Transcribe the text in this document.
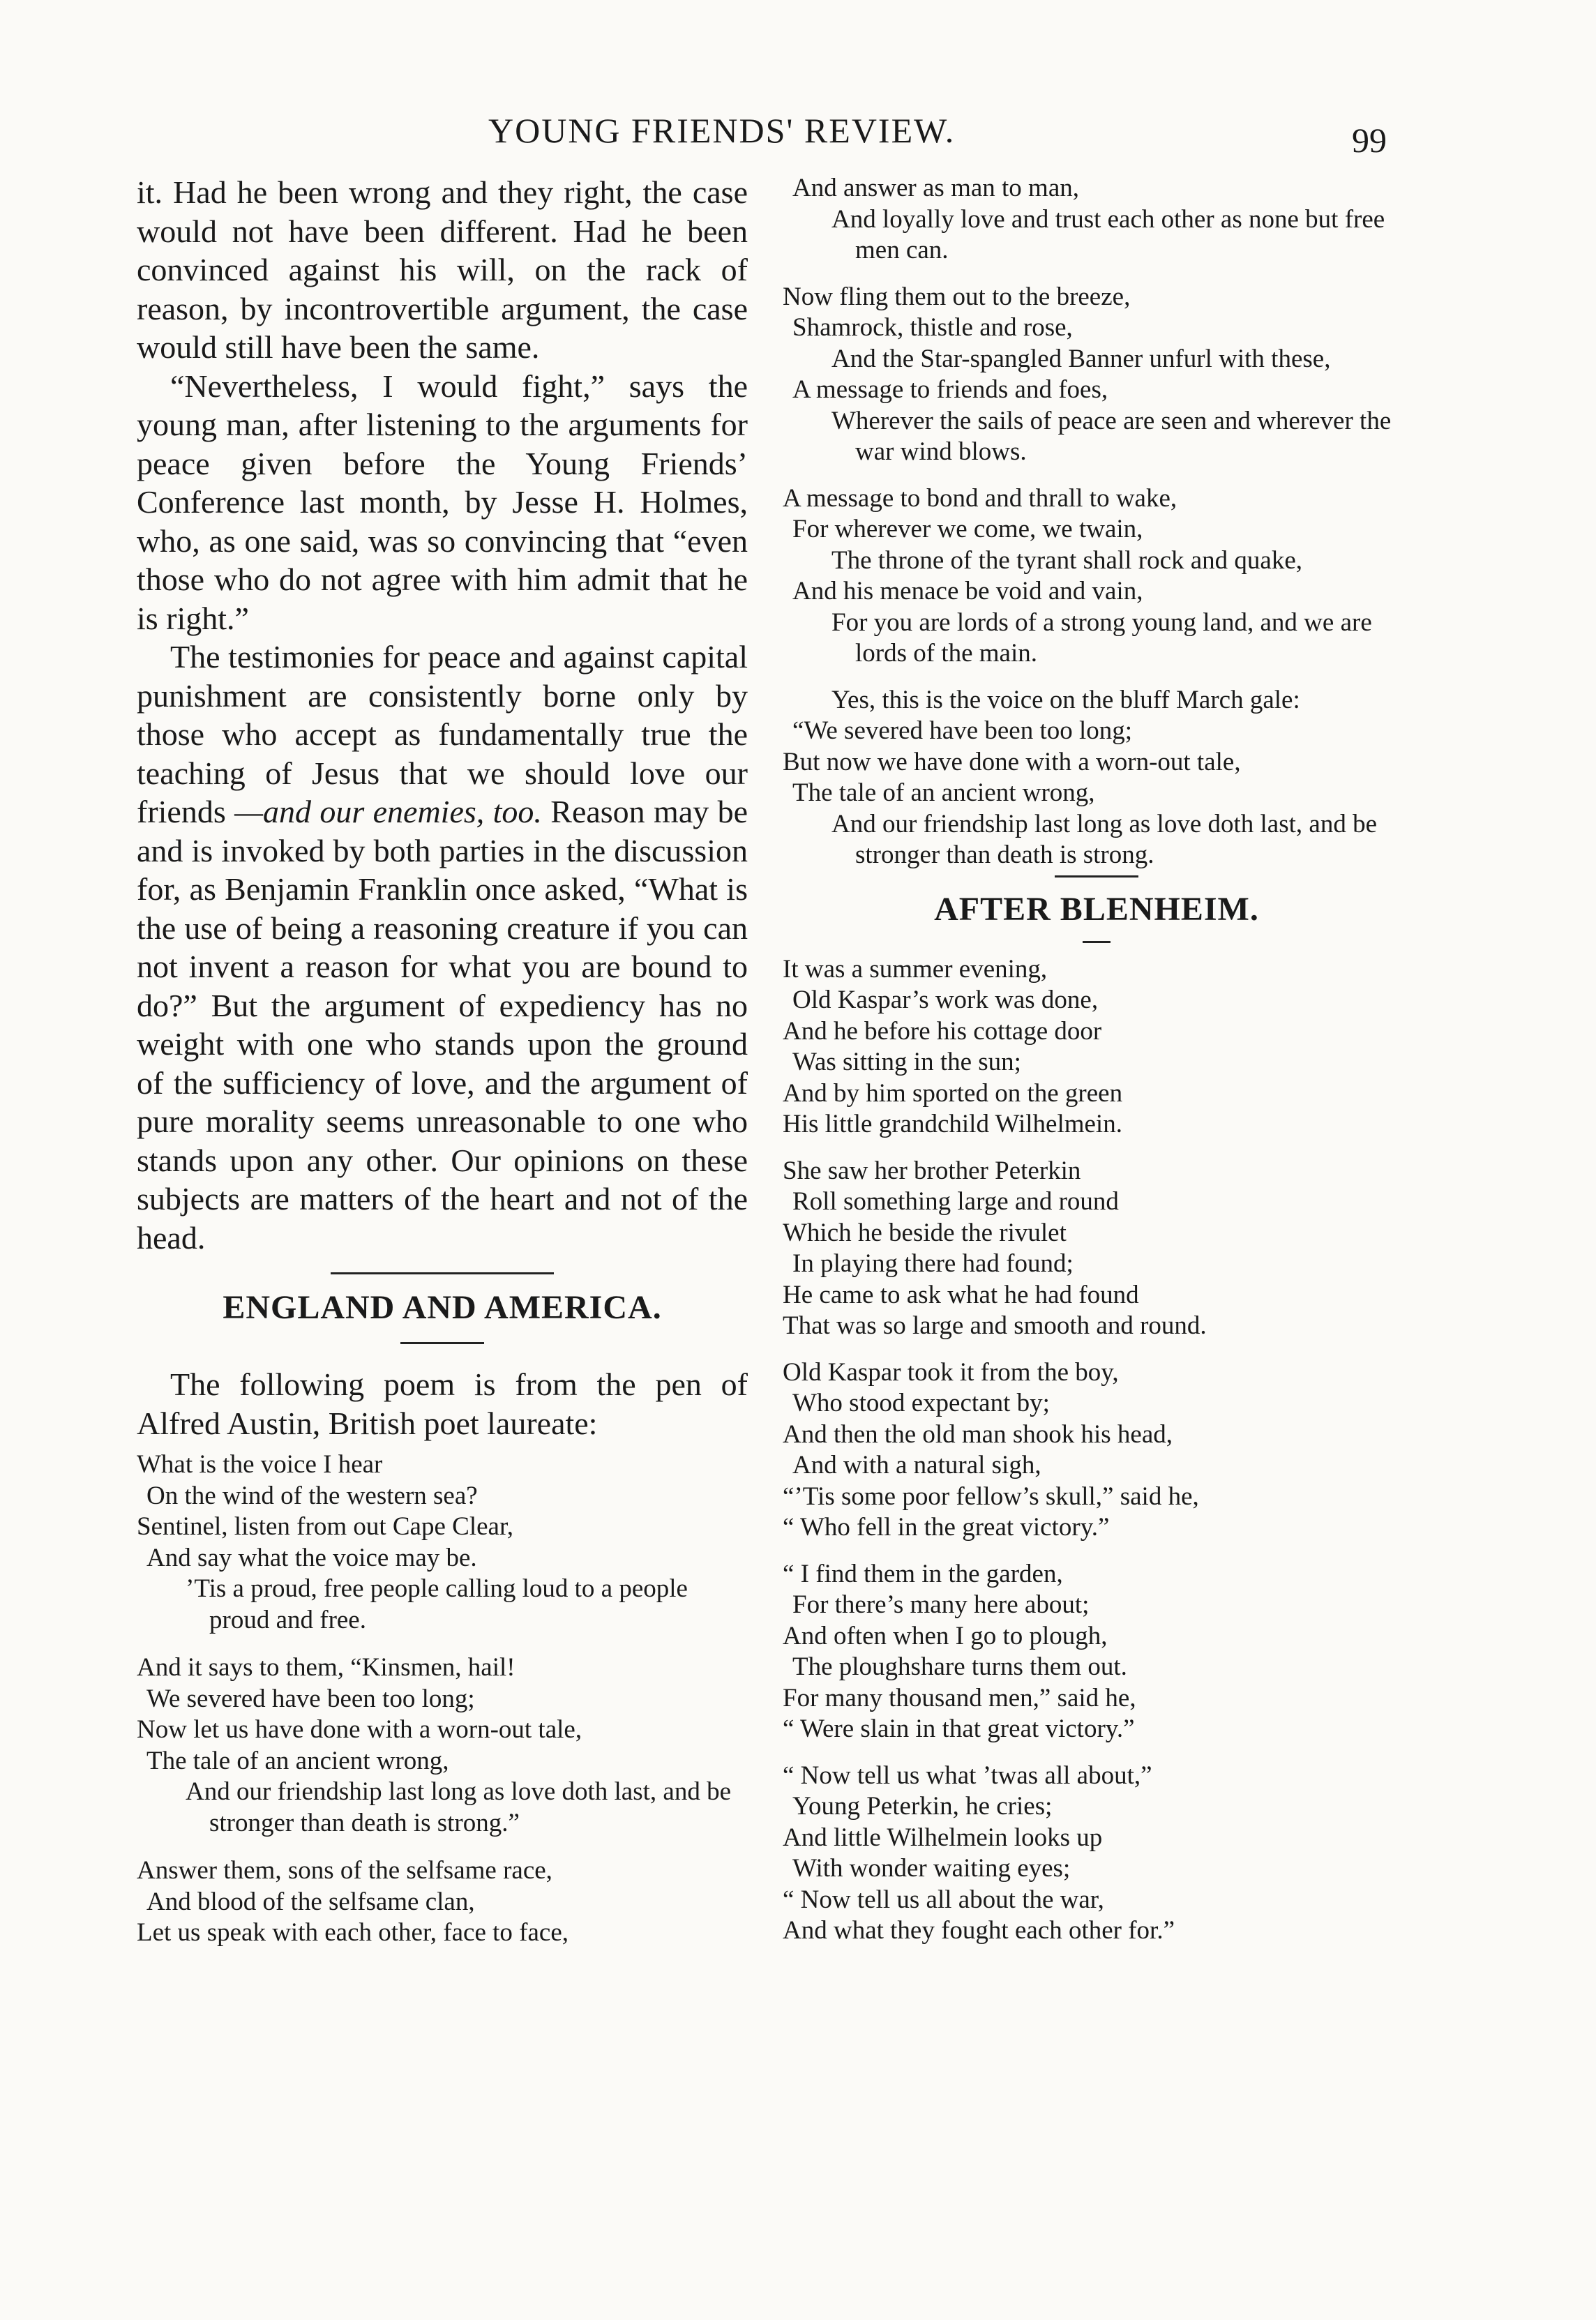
YOUNG FRIENDS' REVIEW.	99

it. Had he been wrong and they right, the case would not have been different. Had he been convinced against his will, on the rack of reason, by incontrovertible argument, the case would still have been the same.

“Nevertheless, I would fight,” says the young man, after listening to the arguments for peace given before the Young Friends’ Conference last month, by Jesse H. Holmes, who, as one said, was so convincing that “even those who do not agree with him admit that he is right.”

The testimonies for peace and against capital punishment are consistently borne only by those who accept as fundamentally true the teaching of Jesus that we should love our friends —and our enemies, too. Reason may be and is invoked by both parties in the discussion for, as Benjamin Franklin once asked, “What is the use of being a reasoning creature if you can not invent a reason for what you are bound to do?” But the argument of expediency has no weight with one who stands upon the ground of the sufficiency of love, and the argument of pure morality seems unreasonable to one who stands upon any other. Our opinions on these subjects are matters of the heart and not of the head.

ENGLAND AND AMERICA.

The following poem is from the pen of Alfred Austin, British poet laureate:

What is the voice I hear
On the wind of the western sea?
Sentinel, listen from out Cape Clear,
And say what the voice may be.
’Tis a proud, free people calling loud to a people proud and free.
And it says to them, “Kinsmen, hail!
We severed have been too long;
Now let us have done with a worn-out tale,
The tale of an ancient wrong,
And our friendship last long as love doth last, and be stronger than death is strong.”
Answer them, sons of the selfsame race,
And blood of the selfsame clan,
Let us speak with each other, face to face,
And answer as man to man,
And loyally love and trust each other as none but free men can.
Now fling them out to the breeze,
Shamrock, thistle and rose,
And the Star-spangled Banner unfurl with these,
A message to friends and foes,
Wherever the sails of peace are seen and wherever the war wind blows.
A message to bond and thrall to wake,
For wherever we come, we twain,
The throne of the tyrant shall rock and quake,
And his menace be void and vain,
For you are lords of a strong young land, and we are lords of the main.
Yes, this is the voice on the bluff March gale:
“We severed have been too long;
But now we have done with a worn-out tale,
The tale of an ancient wrong,
And our friendship last long as love doth last, and be stronger than death is strong.
AFTER BLENHEIM.
It was a summer evening,
Old Kaspar’s work was done,
And he before his cottage door
Was sitting in the sun;
And by him sported on the green
His little grandchild Wilhelmein.
She saw her brother Peterkin
Roll something large and round
Which he beside the rivulet
In playing there had found;
He came to ask what he had found
That was so large and smooth and round.
Old Kaspar took it from the boy,
Who stood expectant by;
And then the old man shook his head,
And with a natural sigh,
“’Tis some poor fellow’s skull,” said he,
“ Who fell in the great victory.”
“ I find them in the garden,
For there’s many here about;
And often when I go to plough,
The ploughshare turns them out.
For many thousand men,” said he,
“ Were slain in that great victory.”
“ Now tell us what ’twas all about,”
Young Peterkin, he cries;
And little Wilhelmein looks up
With wonder waiting eyes;
“ Now tell us all about the war,
And what they fought each other for.”
